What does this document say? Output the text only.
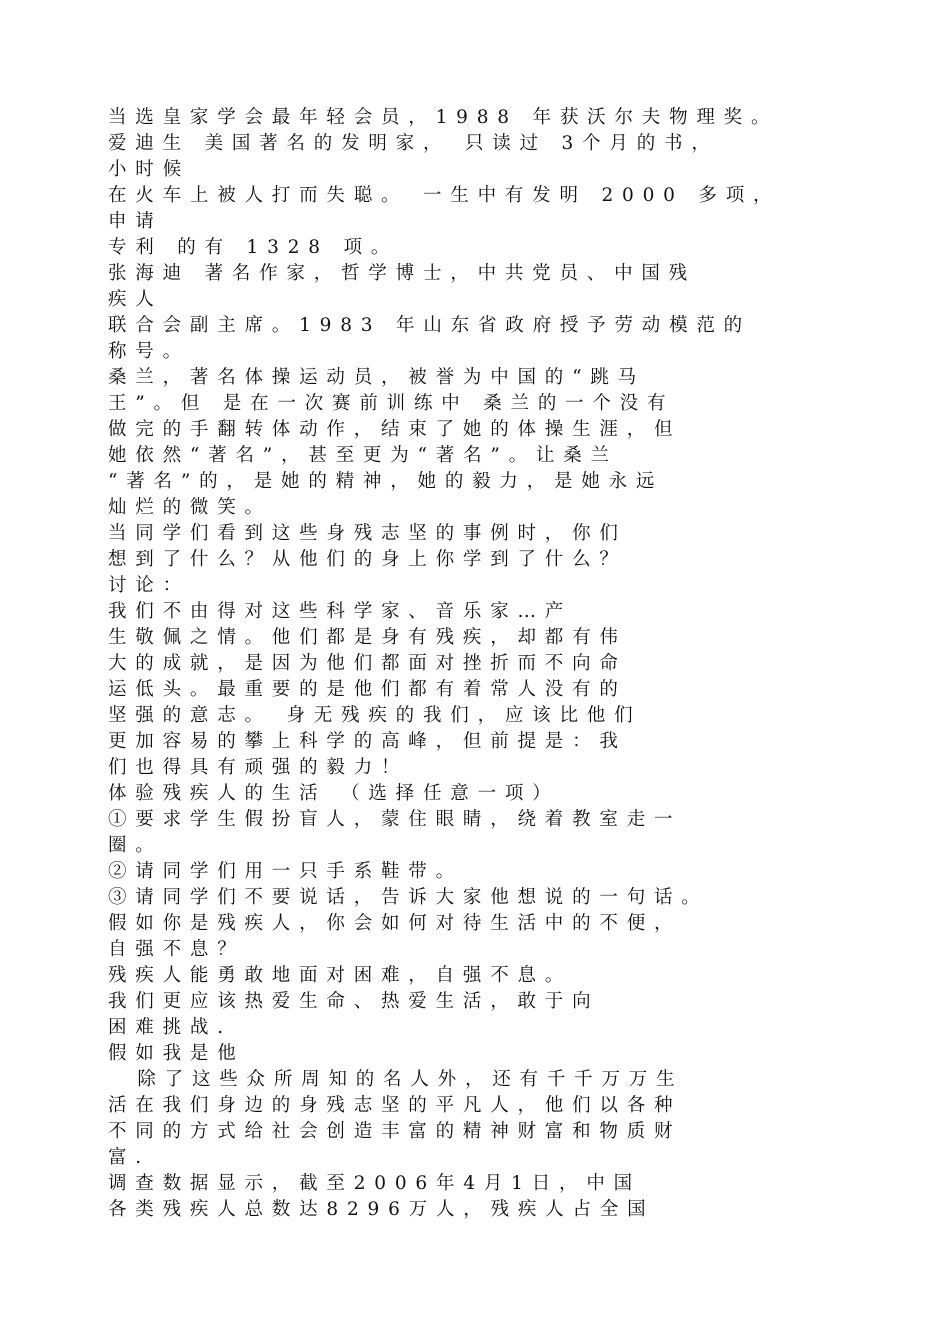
当选皇家学会最年轻会员，1988 年获沃尔夫物理奖。
爱迪生 美国著名的发明家， 只读过 3个月的书，
小时候
在火车上被人打而失聪。 一生中有发明 2000 多项，
申请
专利 的有 1328 项。
张海迪 著名作家，哲学博士，中共党员、中国残
疾人
联合会副主席。1983 年山东省政府授予劳动模范的
称号。
桑兰，著名体操运动员，被誉为中国的“跳马
王”。但 是在一次赛前训练中 桑兰的一个没有
做完的手翻转体动作，结束了她的体操生涯，但
她依然“著名”，甚至更为“著名”。让桑兰
“著名”的，是她的精神，她的毅力，是她永远
灿烂的微笑。
当同学们看到这些身残志坚的事例时，你们
想到了什么？从他们的身上你学到了什么？
讨论：
我们不由得对这些科学家、音乐家…产
生敬佩之情。他们都是身有残疾，却都有伟
大的成就，是因为他们都面对挫折而不向命
运低头。最重要的是他们都有着常人没有的
坚强的意志。 身无残疾的我们，应该比他们
更加容易的攀上科学的高峰，但前提是：我
们也得具有顽强的毅力！
体验残疾人的生活 （选择任意一项）
①要求学生假扮盲人，蒙住眼睛，绕着教室走一
圈。
②请同学们用一只手系鞋带。
③请同学们不要说话，告诉大家他想说的一句话。
假如你是残疾人，你会如何对待生活中的不便，
自强不息？
残疾人能勇敢地面对困难，自强不息。
我们更应该热爱生命、热爱生活，敢于向
困难挑战.
假如我是他
除了这些众所周知的名人外，还有千千万万生
活在我们身边的身残志坚的平凡人，他们以各种
不同的方式给社会创造丰富的精神财富和物质财
富.
调查数据显示，截至2006年4月1日，中国
各类残疾人总数达8296万人，残疾人占全国
